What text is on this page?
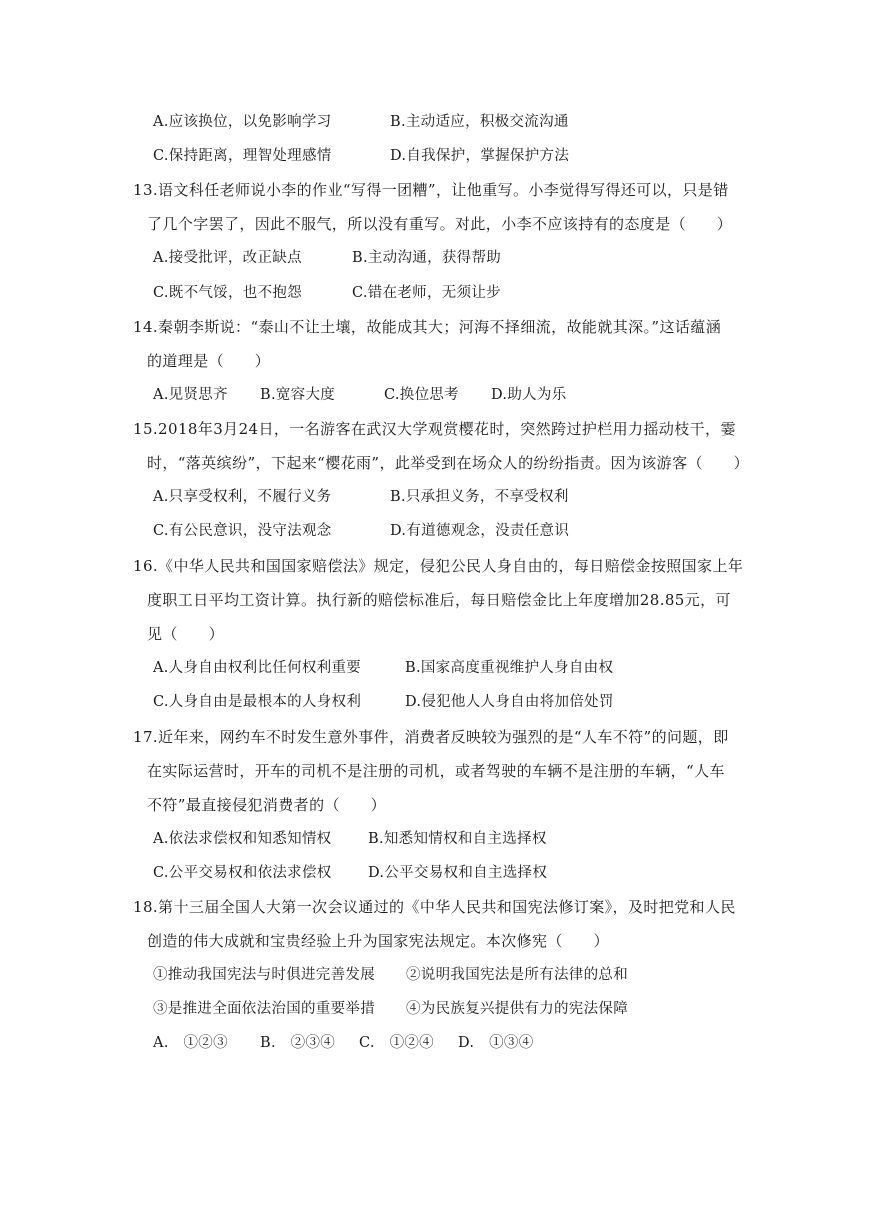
A.应该换位，以免影响学习	B.主动适应，积极交流沟通
C.保持距离，理智处理感情	D.自我保护，掌握保护方法
13.语文科任老师说小李的作业“写得一团糟”，让他重写。小李觉得写得还可以，只是错
了几个字罢了，因此不服气，所以没有重写。对此，小李不应该持有的态度是（　　）
A.接受批评，改正缺点	B.主动沟通，获得帮助
C.既不气馁，也不抱怨	C.错在老师，无须让步
14.秦朝李斯说：“泰山不让土壤，故能成其大；河海不择细流，故能就其深。”这话蕴涵
的道理是（　　）
A.见贤思齐 B.宽容大度	C.换位思考 D.助人为乐
15.2018年3月24日，一名游客在武汉大学观赏樱花时，突然跨过护栏用力摇动枝干，霎
时，“落英缤纷”，下起来“樱花雨”，此举受到在场众人的纷纷指责。因为该游客（　　）
A.只享受权利，不履行义务	B.只承担义务，不享受权利
C.有公民意识，没守法观念	D.有道德观念，没责任意识
16.《中华人民共和国国家赔偿法》规定，侵犯公民人身自由的，每日赔偿金按照国家上年
度职工日平均工资计算。执行新的赔偿标准后，每日赔偿金比上年度增加28.85元，可
见（　　）
A.人身自由权利比任何权利重要	B.国家高度重视维护人身自由权
C.人身自由是最根本的人身权利	D.侵犯他人人身自由将加倍处罚
17.近年来，网约车不时发生意外事件，消费者反映较为强烈的是“人车不符”的问题，即
在实际运营时，开车的司机不是注册的司机，或者驾驶的车辆不是注册的车辆，“人车
不符”最直接侵犯消费者的（　　）
A.依法求偿权和知悉知情权	B.知悉知情权和自主选择权
C.公平交易权和依法求偿权	D.公平交易权和自主选择权
18.第十三届全国人大第一次会议通过的《中华人民共和国宪法修订案》，及时把党和人民
创造的伟大成就和宝贵经验上升为国家宪法规定。本次修宪（　　）
①推动我国宪法与时俱进完善发展 ②说明我国宪法是所有法律的总和
③是推进全面依法治国的重要举措 ④为民族复兴提供有力的宪法保障
A.　①②③ B.　②③④ C.　①②④ D.　①③④
